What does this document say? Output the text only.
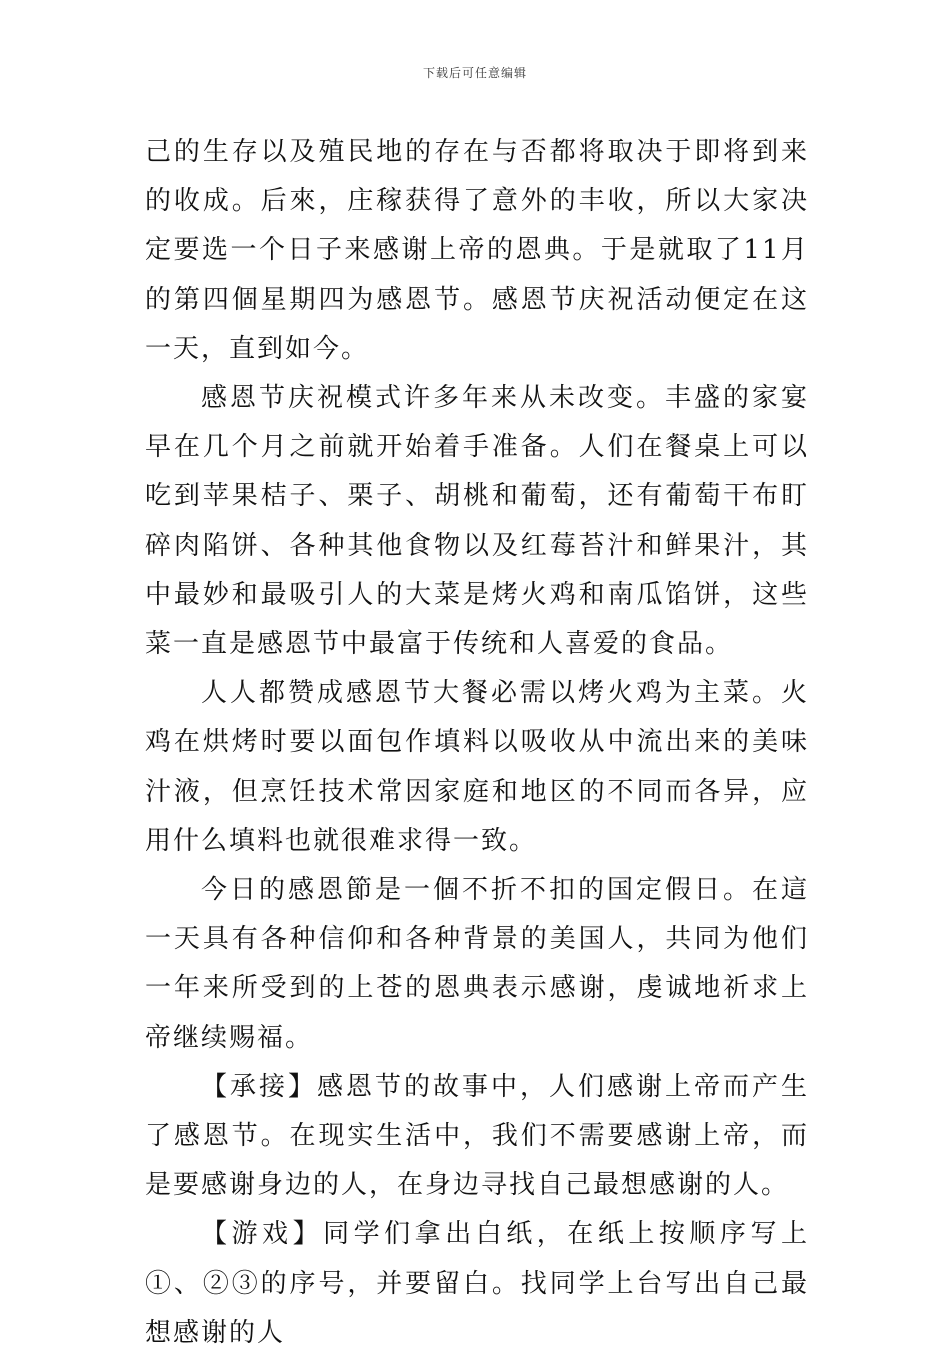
下载后可任意编辑

己的生存以及殖民地的存在与否都将取决于即将到来的收成。后來，庄稼获得了意外的丰收，所以大家决定要选一个日子来感谢上帝的恩典。于是就取了11月的第四個星期四为感恩节。感恩节庆祝活动便定在这一天，直到如今。

感恩节庆祝模式许多年来从未改变。丰盛的家宴早在几个月之前就开始着手准备。人们在餐桌上可以吃到苹果桔子、栗子、胡桃和葡萄，还有葡萄干布盯碎肉陷饼、各种其他食物以及红莓苔汁和鲜果汁，其中最妙和最吸引人的大菜是烤火鸡和南瓜馅饼，这些菜一直是感恩节中最富于传统和人喜爱的食品。

人人都赞成感恩节大餐必需以烤火鸡为主菜。火鸡在烘烤时要以面包作填料以吸收从中流出来的美味汁液，但烹饪技术常因家庭和地区的不同而各异，应用什么填料也就很难求得一致。

今日的感恩節是一個不折不扣的国定假日。在這一天具有各种信仰和各种背景的美国人，共同为他们一年来所受到的上苍的恩典表示感谢，虔诚地祈求上帝继续赐福。

【承接】感恩节的故事中，人们感谢上帝而产生了感恩节。在现实生活中，我们不需要感谢上帝，而是要感谢身边的人，在身边寻找自己最想感谢的人。

【游戏】同学们拿出白纸，在纸上按顺序写上①、②③的序号，并要留白。找同学上台写出自己最想感谢的人
